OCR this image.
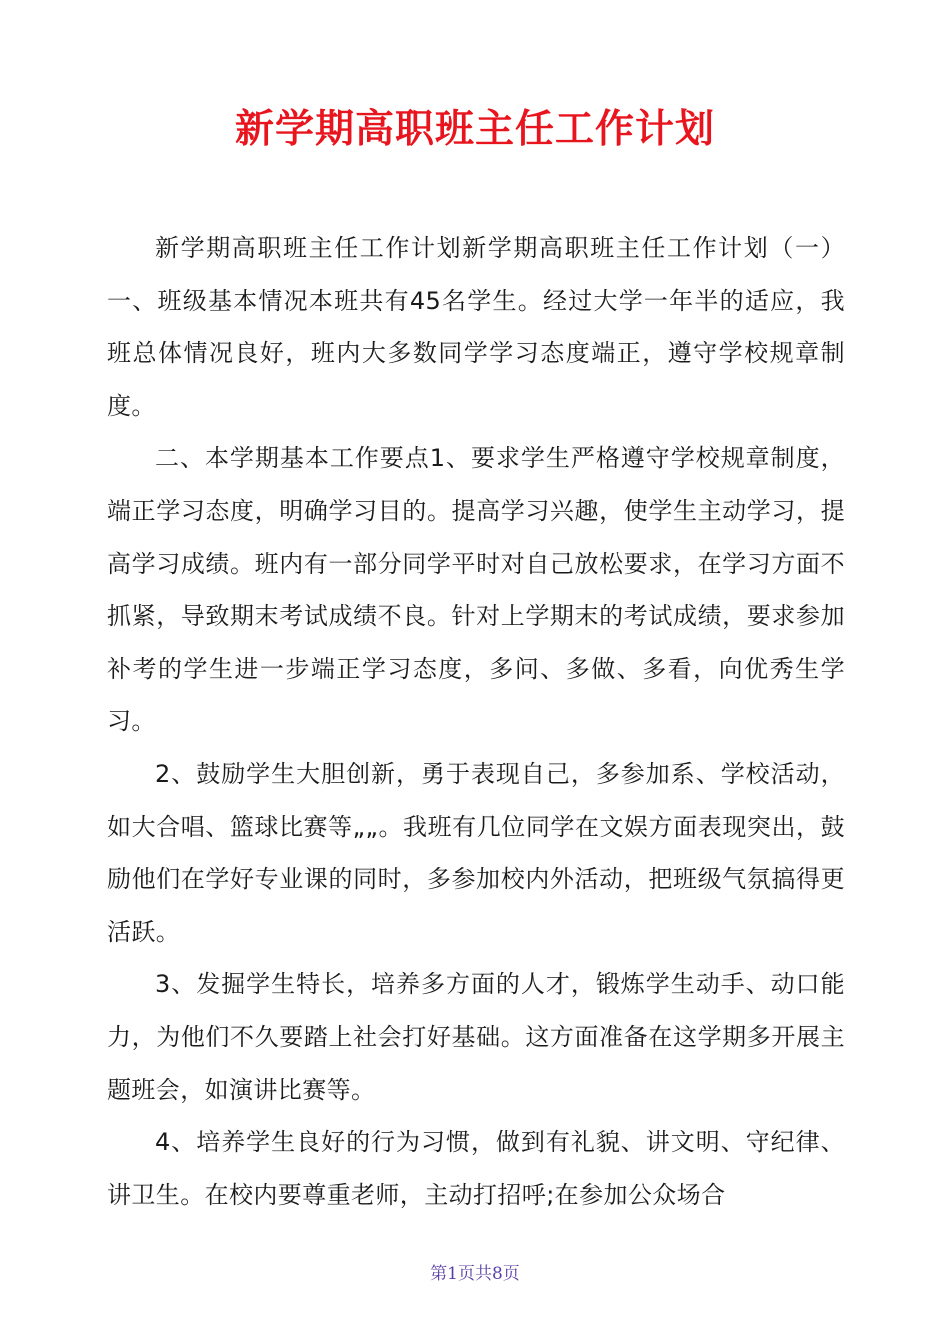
新学期高职班主任工作计划

新学期高职班主任工作计划新学期高职班主任工作计划（一）一、班级基本情况本班共有45名学生。经过大学一年半的适应，我班总体情况良好，班内大多数同学学习态度端正，遵守学校规章制度。

二、本学期基本工作要点1、要求学生严格遵守学校规章制度，端正学习态度，明确学习目的。提高学习兴趣，使学生主动学习，提高学习成绩。班内有一部分同学平时对自己放松要求，在学习方面不抓紧，导致期末考试成绩不良。针对上学期末的考试成绩，要求参加补考的学生进一步端正学习态度，多问、多做、多看，向优秀生学习。

2、鼓励学生大胆创新，勇于表现自己，多参加系、学校活动，如大合唱、篮球比赛等„„。我班有几位同学在文娱方面表现突出，鼓励他们在学好专业课的同时，多参加校内外活动，把班级气氛搞得更活跃。

3、发掘学生特长，培养多方面的人才，锻炼学生动手、动口能力，为他们不久要踏上社会打好基础。这方面准备在这学期多开展主题班会，如演讲比赛等。

4、培养学生良好的行为习惯，做到有礼貌、讲文明、守纪律、讲卫生。在校内要尊重老师，主动打招呼;在参加公众场合

第1页共8页
